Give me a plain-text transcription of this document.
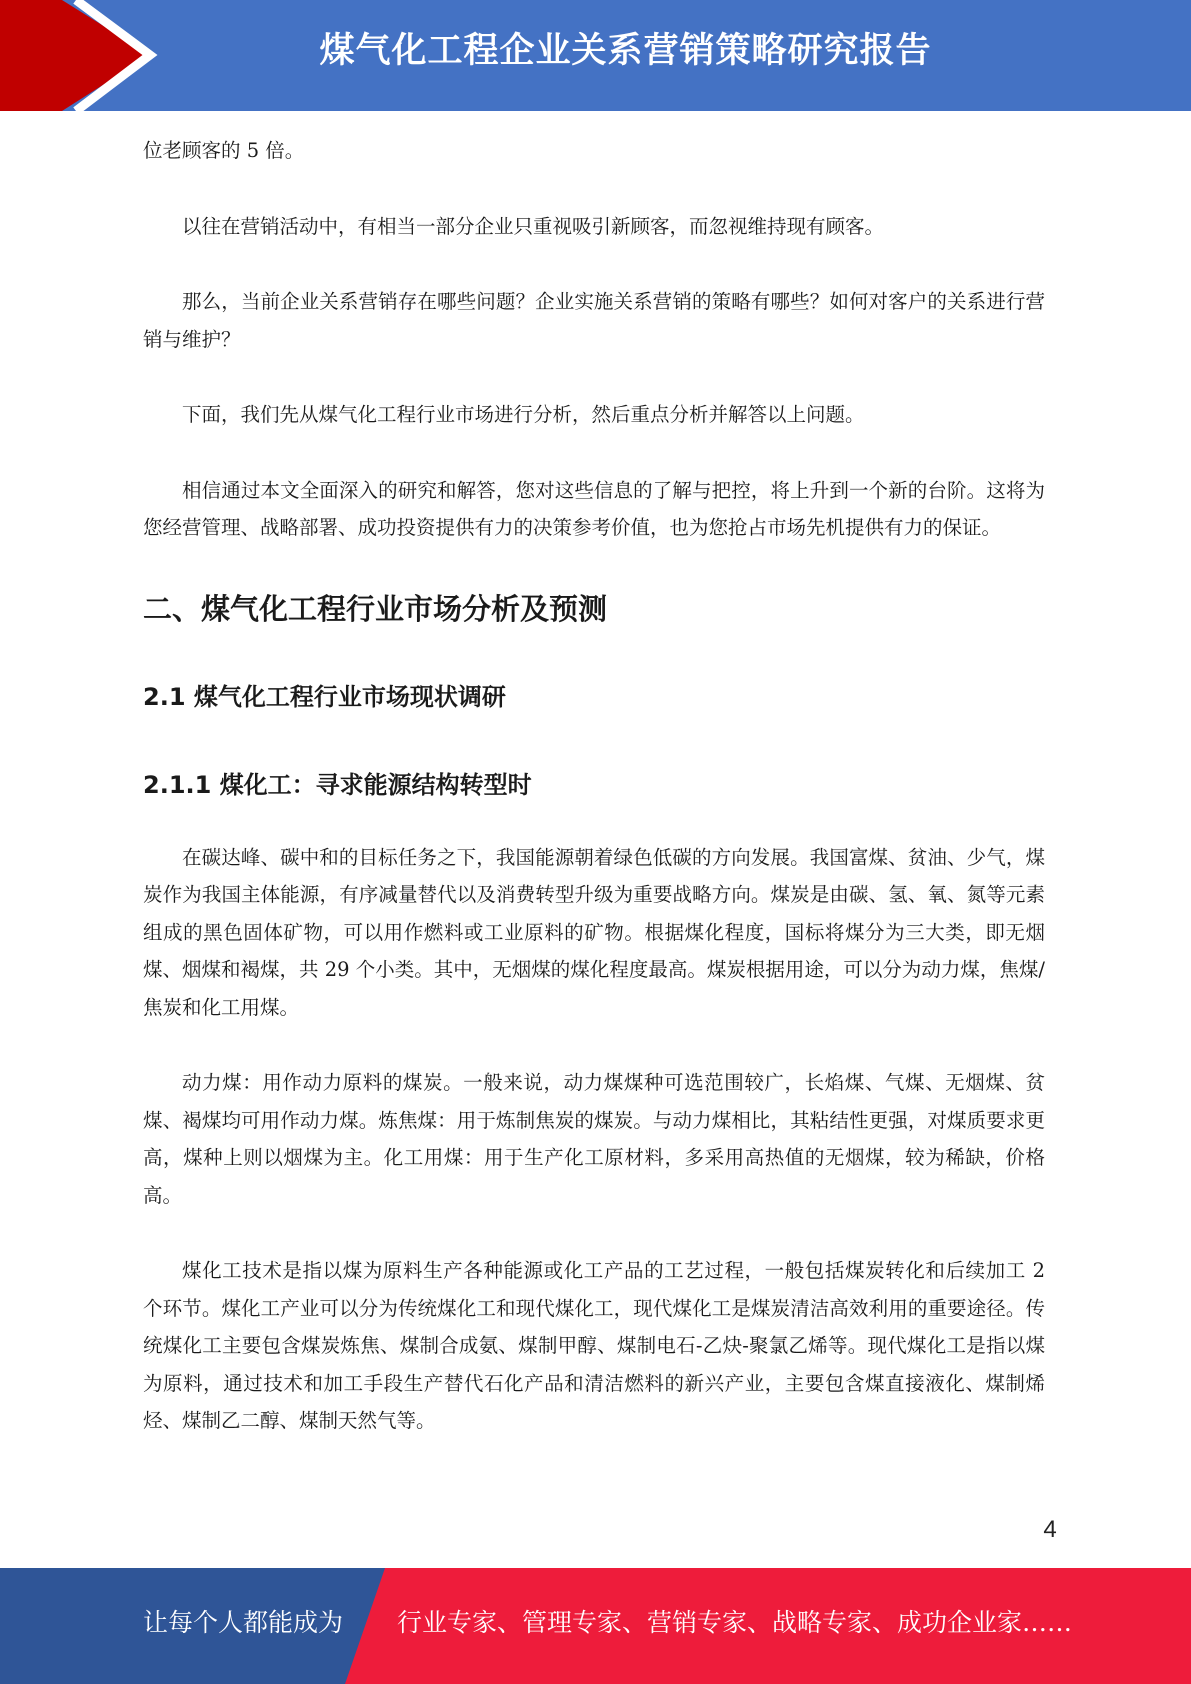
煤气化工程企业关系营销策略研究报告

位老顾客的 5 倍。

以往在营销活动中，有相当一部分企业只重视吸引新顾客，而忽视维持现有顾客。

那么，当前企业关系营销存在哪些问题？企业实施关系营销的策略有哪些？如何对客户的关系进行营销与维护？

下面，我们先从煤气化工程行业市场进行分析，然后重点分析并解答以上问题。

相信通过本文全面深入的研究和解答，您对这些信息的了解与把控，将上升到一个新的台阶。这将为您经营管理、战略部署、成功投资提供有力的决策参考价值，也为您抢占市场先机提供有力的保证。

二、煤气化工程行业市场分析及预测
2.1 煤气化工程行业市场现状调研
2.1.1 煤化工：寻求能源结构转型时

在碳达峰、碳中和的目标任务之下，我国能源朝着绿色低碳的方向发展。我国富煤、贫油、少气，煤炭作为我国主体能源，有序减量替代以及消费转型升级为重要战略方向。煤炭是由碳、氢、氧、氮等元素组成的黑色固体矿物，可以用作燃料或工业原料的矿物。根据煤化程度，国标将煤分为三大类，即无烟煤、烟煤和褐煤，共 29 个小类。其中，无烟煤的煤化程度最高。煤炭根据用途，可以分为动力煤，焦煤/焦炭和化工用煤。

动力煤：用作动力原料的煤炭。一般来说，动力煤煤种可选范围较广，长焰煤、气煤、无烟煤、贫煤、褐煤均可用作动力煤。炼焦煤：用于炼制焦炭的煤炭。与动力煤相比，其粘结性更强，对煤质要求更高，煤种上则以烟煤为主。化工用煤：用于生产化工原材料，多采用高热值的无烟煤，较为稀缺，价格高。

煤化工技术是指以煤为原料生产各种能源或化工产品的工艺过程，一般包括煤炭转化和后续加工 2 个环节。煤化工产业可以分为传统煤化工和现代煤化工，现代煤化工是煤炭清洁高效利用的重要途径。传统煤化工主要包含煤炭炼焦、煤制合成氨、煤制甲醇、煤制电石-乙炔-聚氯乙烯等。现代煤化工是指以煤为原料，通过技术和加工手段生产替代石化产品和清洁燃料的新兴产业，主要包含煤直接液化、煤制烯烃、煤制乙二醇、煤制天然气等。

4
让每个人都能成为 行业专家、管理专家、营销专家、战略专家、成功企业家……
